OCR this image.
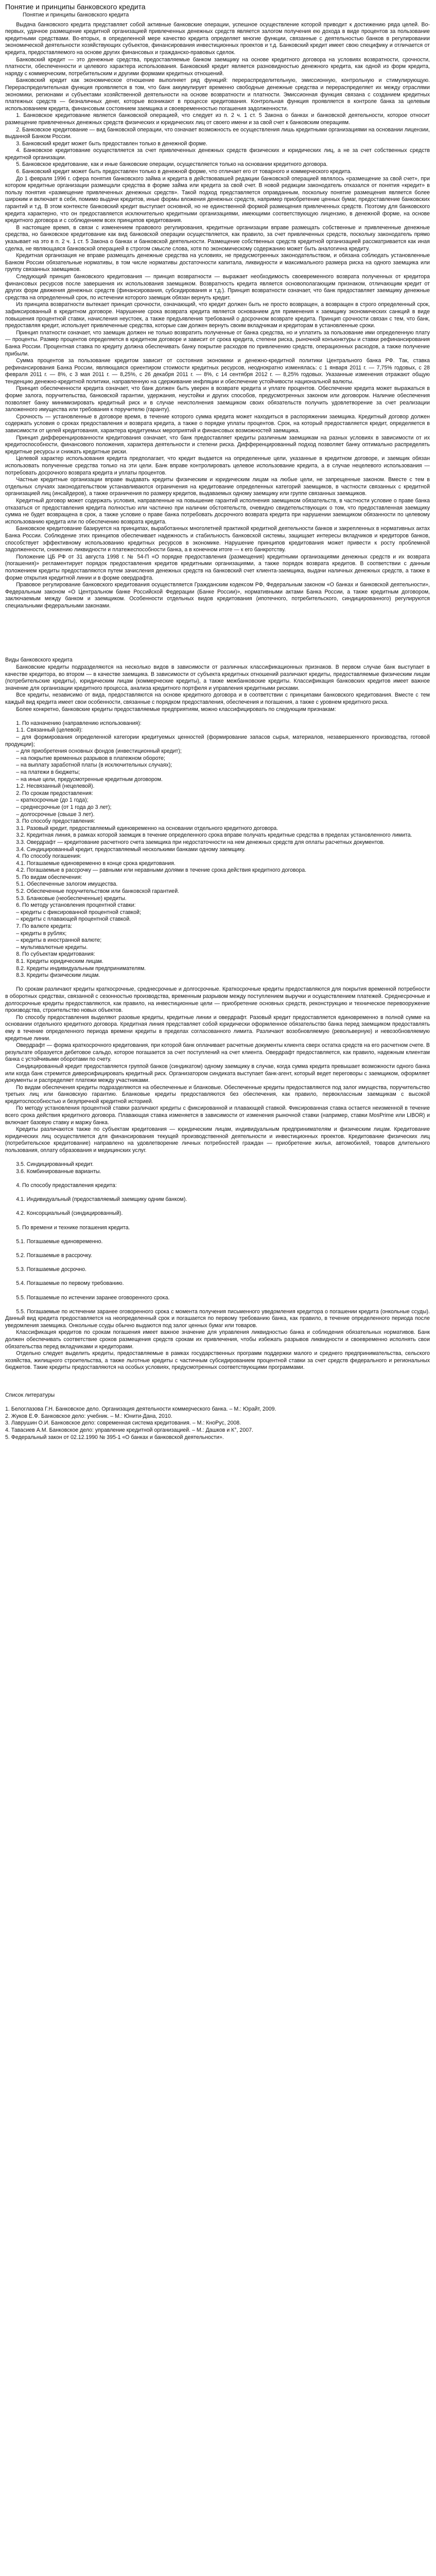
Понятие и принципы банковского кредита
Понятие и принципы банковского кредита

Выдача банковского кредита представляет собой активные банковские операции, успешное осуществление которой приводит к достижению ряда целей. Во-первых, удачное размещение кредитной организацией привлеченных денежных средств является залогом получения ею дохода в виде процентов за пользование кредитными средствами. Во-вторых, в определенной мере качество кредита определяет многие функции, связанные с деятельностью банков в регулировании экономической деятельности хозяйствующих субъектов, финансирования инвестиционных проектов и т.д. Банковский кредит имеет свою специфику и отличается от кредита, предоставляемого на основе других финансовых и гражданско-правовых сделок.

Банковский кредит — это денежные средства, предоставляемые банком заемщику на основе кредитного договора на условиях возвратности, срочности, платности, обеспеченности и целевого характера использования. Банковский кредит является разновидностью денежного кредита, как одной из форм кредита, наряду с коммерческим, потребительским и другими формами кредитных отношений.

Банковский кредит как экономическое отношение выполняет ряд функций: перераспределительную, эмиссионную, контрольную и стимулирующую. Перераспределительная функция проявляется в том, что банк аккумулирует временно свободные денежные средства и перераспределяет их между отраслями экономики, регионами и субъектами хозяйственной деятельности на основе возвратности и платности. Эмиссионная функция связана с созданием кредитных платежных средств — безналичных денег, которые возникают в процессе кредитования. Контрольная функция проявляется в контроле банка за целевым использованием кредита, финансовым состоянием заемщика и своевременностью погашения задолженности.

1. Банковское кредитование является банковской операцией, что следует из п. 2 ч. 1 ст. 5 Закона о банках и банковской деятельности, которое относит размещение привлеченных денежных средств физических и юридических лиц от своего имени и за свой счет к банковским операциям.

2. Банковское кредитование — вид банковской операции, что означает возможность ее осуществления лишь кредитными организациями на основании лицензии, выданной Банком России.

3. Банковский кредит может быть предоставлен только в денежной форме.

4. Банковское кредитование осуществляется за счет привлеченных денежных средств физических и юридических лиц, а не за счет собственных средств кредитной организации.

5. Банковское кредитование, как и иные банковские операции, осуществляется только на основании кредитного договора.

6. Банковский кредит может быть предоставлен только в денежной форме, что отличает его от товарного и коммерческого кредита.

До 1 февраля 1996 г. сфера понятия банковского займа и кредита в действовавшей редакции банковской операцией являлось «размещение за свой счет», при котором кредитные организации размещали средства в форме займа или кредита за свой счет. В новой редакции законодатель отказался от понятия «кредит» в пользу понятия «размещение привлеченных денежных средств». Такой подход представляется оправданным, поскольку понятие размещения является более широким и включает в себя, помимо выдачи кредитов, иные формы вложения денежных средств, например приобретение ценных бумаг, предоставление банковских гарантий и т.д. В этом контексте банковский кредит выступает основной, но не единственной формой размещения привлеченных средств. Поэтому для банковского кредита характерно, что он предоставляется исключительно кредитными организациями, имеющими соответствующую лицензию, в денежной форме, на основе кредитного договора и с соблюдением всех принципов кредитования.

В настоящее время, в связи с изменением правового регулирования, кредитные организации вправе размещать собственные и привлеченные денежные средства, но банковское кредитование как вид банковской операции осуществляется, как правило, за счет привлеченных средств, поскольку законодатель прямо указывает на это в п. 2 ч. 1 ст. 5 Закона о банках и банковской деятельности. Размещение собственных средств кредитной организацией рассматривается как иная сделка, не являющаяся банковской операцией в строгом смысле слова, хотя по экономическому содержанию может быть аналогична кредиту.

Кредитная организация не вправе размещать денежные средства на условиях, не предусмотренных законодательством, и обязана соблюдать установленные Банком России обязательные нормативы, в том числе нормативы достаточности капитала, ликвидности и максимального размера риска на одного заемщика или группу связанных заемщиков.

Следующий принцип банковского кредитования — принцип возвратности — выражает необходимость своевременного возврата полученных от кредитора финансовых ресурсов после завершения их использования заемщиком. Возвратность кредита является основополагающим признаком, отличающим кредит от других форм движения денежных средств (финансирования, субсидирования и т.д.). Принцип возвратности означает, что банк предоставляет заемщику денежные средства на определенный срок, по истечении которого заемщик обязан вернуть кредит.

Из принципа возвратности вытекает принцип срочности, означающий, что кредит должен быть не просто возвращен, а возвращен в строго определенный срок, зафиксированный в кредитном договоре. Нарушение срока возврата кредита является основанием для применения к заемщику экономических санкций в виде повышения процентной ставки, начисления неустоек, а также предъявления требований о досрочном возврате кредита. Принцип срочности связан с тем, что банк, предоставляя кредит, использует привлеченные средства, которые сам должен вернуть своим вкладчикам и кредиторам в установленные сроки.

Принцип платности означает, что заемщик должен не только возвратить полученные от банка средства, но и уплатить за пользование ими определенную плату — проценты. Размер процентов определяется в кредитном договоре и зависит от срока кредита, степени риска, рыночной конъюнктуры и ставки рефинансирования Банка России. Процентная ставка по кредиту должна обеспечивать банку покрытие расходов по привлечению средств, операционных расходов, а также получение прибыли.

Сумма процентов за пользование кредитом зависит от состояния экономики и денежно-кредитной политики Центрального банка РФ. Так, ставка рефинансирования Банка России, являющаяся ориентиром стоимости кредитных ресурсов, неоднократно изменялась: с 1 января 2011 г. — 7,75% годовых, с 28 февраля 2011 г. — 8%, с 3 мая 2011 г. — 8,25%, с 26 декабря 2011 г. — 8%, с 14 сентября 2012 г. — 8,25% годовых. Указанные изменения отражают общую тенденцию денежно-кредитной политики, направленную на сдерживание инфляции и обеспечение устойчивости национальной валюты.

Принцип обеспеченности кредита означает, что банк должен быть уверен в возврате кредита и уплате процентов. Обеспечение кредита может выражаться в форме залога, поручительства, банковской гарантии, удержания, неустойки и других способов, предусмотренных законом или договором. Наличие обеспечения позволяет банку минимизировать кредитный риск и в случае неисполнения заемщиком своих обязательств получить удовлетворение за счет реализации заложенного имущества или требования к поручителю (гаранту).

Срочность — установленные в договоре время, в течение которого сумма кредита может находиться в распоряжении заемщика. Кредитный договор должен содержать условия о сроках предоставления и возврата кредита, а также о порядке уплаты процентов. Срок, на который предоставляется кредит, определяется в зависимости от целей кредитования, характера кредитуемых мероприятий и финансовых возможностей заемщика.

Принцип дифференцированности кредитования означает, что банк предоставляет кредиты различным заемщикам на разных условиях в зависимости от их кредитоспособности, финансового положения, характера деятельности и степени риска. Дифференцированный подход позволяет банку оптимально распределять кредитные ресурсы и снижать кредитные риски.

Целевой характер использования кредита предполагает, что кредит выдается на определенные цели, указанные в кредитном договоре, и заемщик обязан использовать полученные средства только на эти цели. Банк вправе контролировать целевое использование кредита, а в случае нецелевого использования — потребовать досрочного возврата кредита и уплаты процентов.

Частные кредитные организации вправе выдавать кредиты физическим и юридическим лицам на любые цели, не запрещенные законом. Вместе с тем в отдельных случаях законодательством устанавливаются ограничения на кредитование определенных категорий заемщиков, в частности связанных с кредитной организацией лиц (инсайдеров), а также ограничения по размеру кредитов, выдаваемых одному заемщику или группе связанных заемщиков.

Кредитный договор может содержать условия, направленные на повышение гарантий исполнения заемщиком обязательств, в частности условие о праве банка отказаться от предоставления кредита полностью или частично при наличии обстоятельств, очевидно свидетельствующих о том, что предоставленная заемщику сумма не будет возвращена в срок, а также условие о праве банка потребовать досрочного возврата кредита при нарушении заемщиком обязанности по целевому использованию кредита или по обеспечению возврата кредита.

Банковское кредитование базируется на принципах, выработанных многолетней практикой кредитной деятельности банков и закрепленных в нормативных актах Банка России. Соблюдение этих принципов обеспечивает надежность и стабильность банковской системы, защищает интересы вкладчиков и кредиторов банков, способствует эффективному использованию кредитных ресурсов в экономике. Нарушение принципов кредитования может привести к росту проблемной задолженности, снижению ликвидности и платежеспособности банка, а в конечном итоге — к его банкротству.

Положение ЦБ РФ от 31 августа 1998 г. № 54-П «О порядке предоставления (размещения) кредитными организациями денежных средств и их возврата (погашения)» регламентирует порядок предоставления кредитов кредитными организациями, а также порядок возврата кредитов. В соответствии с данным положением кредиты предоставляются путем зачисления денежных средств на банковский счет клиента-заемщика, выдачи наличных денежных средств, а также в форме открытия кредитной линии и в форме овердрафта.

Правовое регулирование банковского кредитования осуществляется Гражданским кодексом РФ, Федеральным законом «О банках и банковской деятельности», Федеральным законом «О Центральном банке Российской Федерации (Банке России)», нормативными актами Банка России, а также кредитным договором, заключаемым между банком и заемщиком. Особенности отдельных видов кредитования (ипотечного, потребительского, синдицированного) регулируются специальными федеральными законами.

Виды банковского кредита

Банковские кредиты подразделяются на несколько видов в зависимости от различных классификационных признаков. В первом случае банк выступает в качестве кредитора, во втором — в качестве заемщика. В зависимости от субъекта кредитных отношений различают кредиты, предоставляемые физическим лицам (потребительские кредиты), юридическим лицам (коммерческие кредиты), а также межбанковские кредиты. Классификация банковских кредитов имеет важное значение для организации кредитного процесса, анализа кредитного портфеля и управления кредитными рисками.

Все кредиты, независимо от вида, предоставляются на основе кредитного договора и в соответствии с принципами банковского кредитования. Вместе с тем каждый вид кредита имеет свои особенности, связанные с порядком предоставления, обеспечения и погашения, а также с уровнем кредитного риска.

Более конкретно, банковские кредиты предоставляемые предприятиям, можно классифицировать по следующим признакам:

1. По назначению (направлению использования):

1.1. Связанный (целевой):

– для формирования определенной категории кредитуемых ценностей (формирование запасов сырья, материалов, незавершенного производства, готовой продукции);

– для приобретения основных фондов (инвестиционный кредит);

– на покрытие временных разрывов в платежном обороте;

– на выплату заработной платы (в исключительных случаях);

– на платежи в бюджеты;

– на иные цели, предусмотренные кредитным договором.

1.2. Несвязанный (нецелевой).

2. По срокам предоставления:

– краткосрочные (до 1 года);

– среднесрочные (от 1 года до 3 лет);

– долгосрочные (свыше 3 лет).

3. По способу предоставления:

3.1. Разовый кредит, предоставляемый единовременно на основании отдельного кредитного договора.

3.2. Кредитная линия, в рамках которой заемщик в течение определенного срока вправе получать кредитные средства в пределах установленного лимита.

3.3. Овердрафт — кредитование расчетного счета заемщика при недостаточности на нем денежных средств для оплаты расчетных документов.

3.4. Синдицированный кредит, предоставляемый несколькими банками одному заемщику.

4. По способу погашения:

4.1. Погашаемые единовременно в конце срока кредитования.

4.2. Погашаемые в рассрочку — равными или неравными долями в течение срока действия кредитного договора.

5. По видам обеспечения:

5.1. Обеспеченные залогом имущества.

5.2. Обеспеченные поручительством или банковской гарантией.

5.3. Бланковые (необеспеченные) кредиты.

6. По методу установления процентной ставки:

– кредиты с фиксированной процентной ставкой;

– кредиты с плавающей процентной ставкой.

7. По валюте кредита:

– кредиты в рублях;

– кредиты в иностранной валюте;

– мультивалютные кредиты.

8. По субъектам кредитования:

8.1. Кредиты юридическим лицам.

8.2. Кредиты индивидуальным предпринимателям.

8.3. Кредиты физическим лицам.

По срокам различают кредиты краткосрочные, среднесрочные и долгосрочные. Краткосрочные кредиты предоставляются для покрытия временной потребности в оборотных средствах, связанной с сезонностью производства, временным разрывом между поступлением выручки и осуществлением платежей. Среднесрочные и долгосрочные кредиты предоставляются, как правило, на инвестиционные цели — приобретение основных средств, реконструкцию и техническое перевооружение производства, строительство новых объектов.

По способу предоставления выделяют разовые кредиты, кредитные линии и овердрафт. Разовый кредит предоставляется единовременно в полной сумме на основании отдельного кредитного договора. Кредитная линия представляет собой юридически оформленное обязательство банка перед заемщиком предоставлять ему в течение определенного периода времени кредиты в пределах согласованного лимита. Различают возобновляемую (револьверную) и невозобновляемую кредитные линии.

Овердрафт — форма краткосрочного кредитования, при которой банк оплачивает расчетные документы клиента сверх остатка средств на его расчетном счете. В результате образуется дебетовое сальдо, которое погашается за счет поступлений на счет клиента. Овердрафт предоставляется, как правило, надежным клиентам банка с устойчивыми оборотами по счету.

Синдицированный кредит предоставляется группой банков (синдикатом) одному заемщику в случае, когда сумма кредита превышает возможности одного банка или когда банк стремится диверсифицировать кредитный риск. Организатором синдиката выступает банк-агент, который ведет переговоры с заемщиком, оформляет документы и распределяет платежи между участниками.

По видам обеспечения кредиты подразделяются на обеспеченные и бланковые. Обеспеченные кредиты предоставляются под залог имущества, поручительство третьих лиц или банковскую гарантию. Бланковые кредиты предоставляются без обеспечения, как правило, первоклассным заемщикам с высокой кредитоспособностью и безупречной кредитной историей.

По методу установления процентной ставки различают кредиты с фиксированной и плавающей ставкой. Фиксированная ставка остается неизменной в течение всего срока действия кредитного договора. Плавающая ставка изменяется в зависимости от изменения рыночной ставки (например, ставки MosPrime или LIBOR) и включает базовую ставку и маржу банка.

Кредиты различаются также по субъектам кредитования — юридическим лицам, индивидуальным предпринимателям и физическим лицам. Кредитование юридических лиц осуществляется для финансирования текущей производственной деятельности и инвестиционных проектов. Кредитование физических лиц (потребительское кредитование) направлено на удовлетворение личных потребностей граждан — приобретение жилья, автомобилей, товаров длительного пользования, оплату образования и медицинских услуг.

3.5. Синдицированный кредит.

3.6. Комбинированные варианты.

4. По способу предоставления кредита:

4.1. Индивидуальный (предоставляемый заемщику одним банком).

4.2. Консорциальный (синдицированный).

5. По времени и технике погашения кредита.

5.1. Погашаемые единовременно.

5.2. Погашаемые в рассрочку.

5.3. Погашаемые досрочно.

5.4. Погашаемые по первому требованию.

5.5. Погашаемые по истечении заранее оговоренного срока.

5.5. Погашаемые по истечении заранее оговоренного срока с момента получения письменного уведомления кредитора о погашении кредита (онкольные ссуды). Данный вид кредита предоставляется на неопределенный срок и погашается по первому требованию банка, как правило, в течение определенного периода после уведомления заемщика. Онкольные ссуды обычно выдаются под залог ценных бумаг или товаров.

Классификация кредитов по срокам погашения имеет важное значение для управления ликвидностью банка и соблюдения обязательных нормативов. Банк должен обеспечивать соответствие сроков размещения средств срокам их привлечения, чтобы избежать разрывов ликвидности и своевременно исполнять свои обязательства перед вкладчиками и кредиторами.

Отдельно следует выделить кредиты, предоставляемые в рамках государственных программ поддержки малого и среднего предпринимательства, сельского хозяйства, жилищного строительства, а также льготные кредиты с частичным субсидированием процентной ставки за счет средств федерального и региональных бюджетов. Такие кредиты предоставляются на особых условиях, предусмотренных соответствующими программами.

Список литературы

1. Белоглазова Г.Н. Банковское дело. Организация деятельности коммерческого банка. – М.: Юрайт, 2009.

2. Жуков Е.Ф. Банковское дело: учебник. – М.: Юнити-Дана, 2010.

3. Лаврушин О.И. Банковское дело: современная система кредитования. – М.: КноРус, 2008.

4. Тавасиев А.М. Банковское дело: управление кредитной организацией. – М.: Дашков и К°, 2007.

5. Федеральный закон от 02.12.1990 № 395-1 «О банках и банковской деятельности».
